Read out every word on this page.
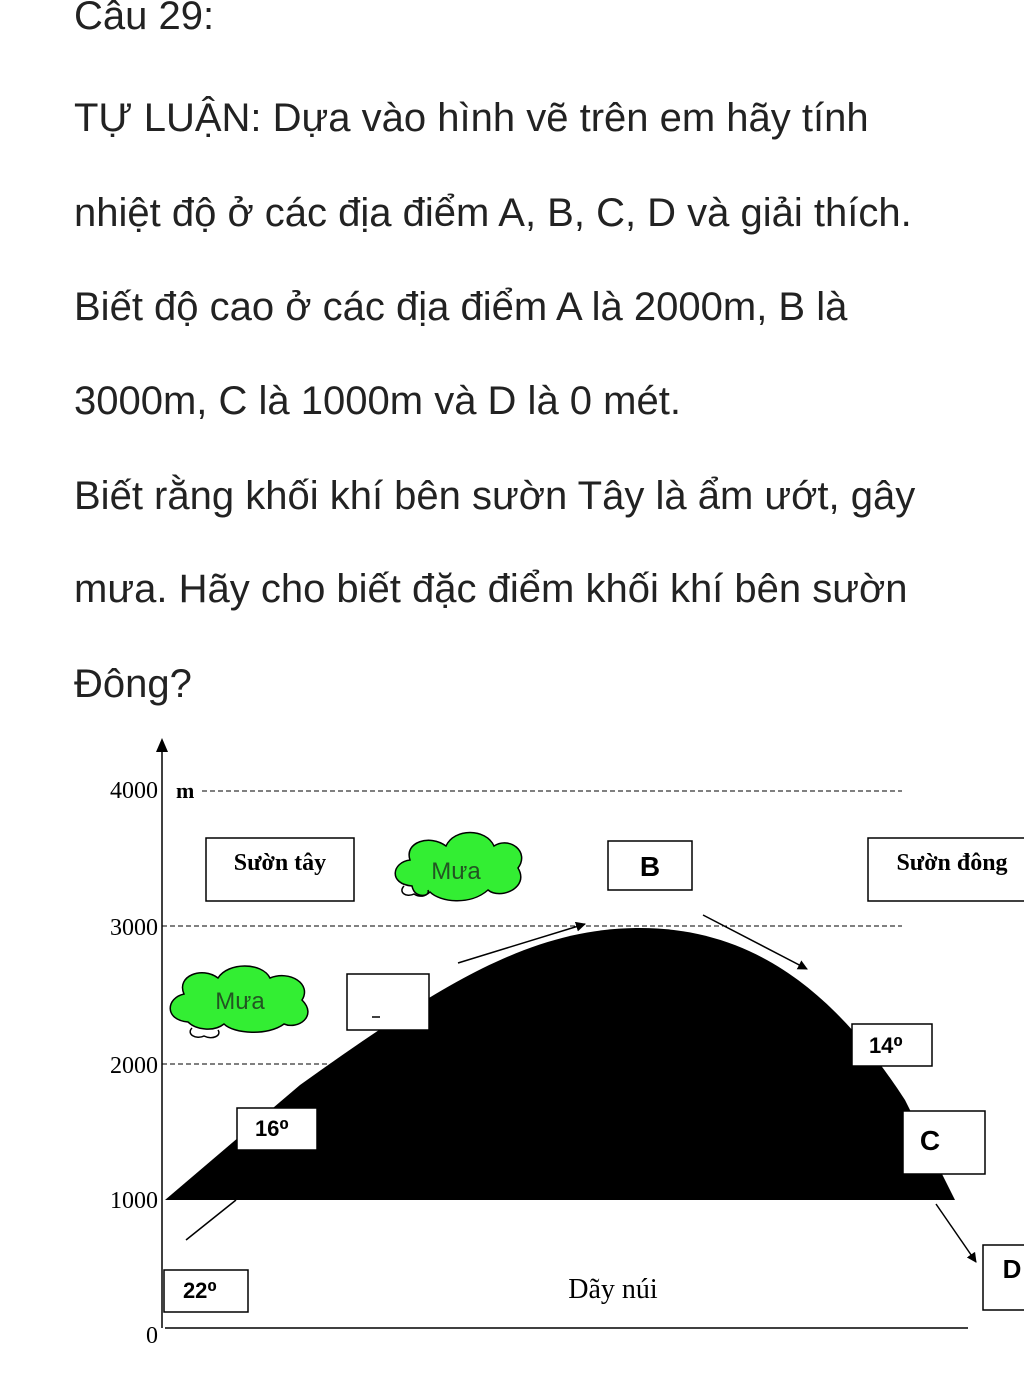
Câu 29:
TỰ LUẬN: Dựa vào hình vẽ trên em hãy tính
nhiệt độ ở các địa điểm A, B, C, D và giải thích.
Biết độ cao ở các địa điểm A là 2000m, B là
3000m, C là 1000m và D là 0 mét.
Biết rằng khối khí bên sườn Tây là ẩm ướt, gây
mưa. Hãy cho biết đặc điểm khối khí bên sườn
Đông?
4000 m
3000
2000
1000
0
Sườn tây	Sườn đông
B
14⁰
16⁰	C
D
22⁰	Dãy núi
Mưa
Mưa
